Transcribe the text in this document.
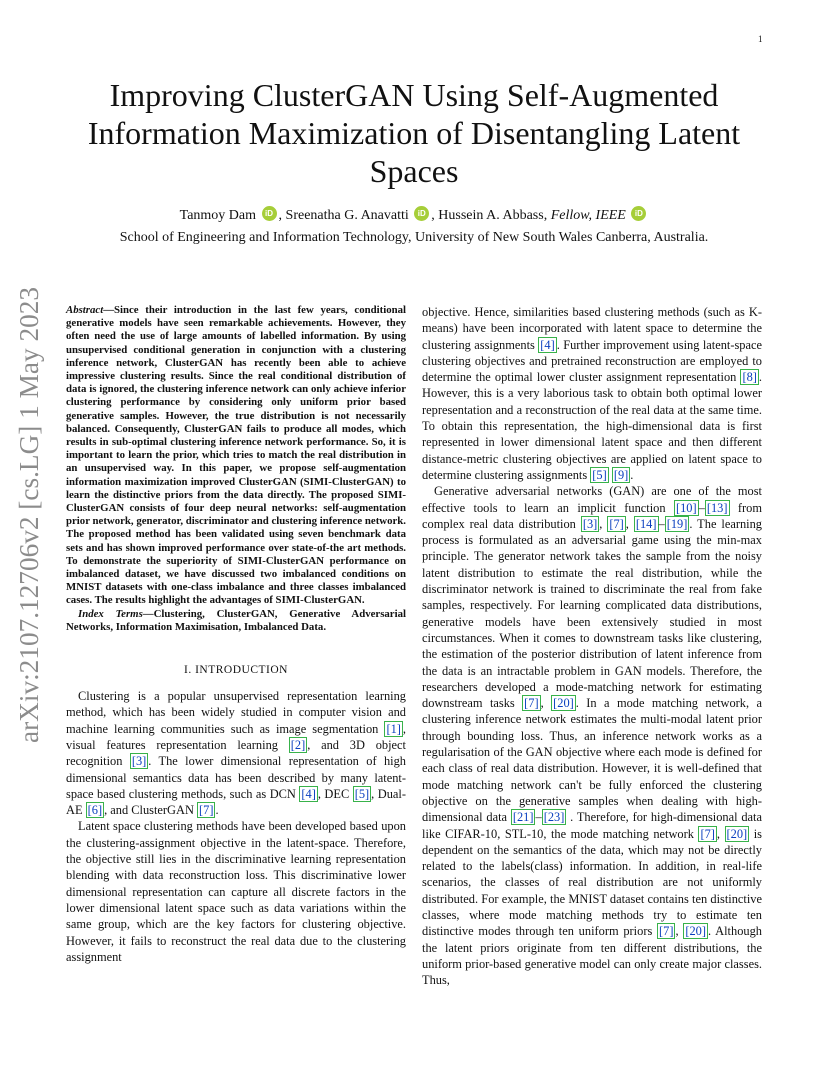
1
arXiv:2107.12706v2 [cs.LG] 1 May 2023
Improving ClusterGAN Using Self-Augmented Information Maximization of Disentangling Latent Spaces
Tanmoy Dam iD , Sreenatha G. Anavatti iD , Hussein A. Abbass, Fellow, IEEE iD
School of Engineering and Information Technology, University of New South Wales Canberra, Australia.

Abstract—Since their introduction in the last few years, conditional generative models have seen remarkable achievements. However, they often need the use of large amounts of labelled information. By using unsupervised conditional generation in conjunction with a clustering inference network, ClusterGAN has recently been able to achieve impressive clustering results. Since the real conditional distribution of data is ignored, the clustering inference network can only achieve inferior clustering performance by considering only uniform prior based generative samples. However, the true distribution is not necessarily balanced. Consequently, ClusterGAN fails to produce all modes, which results in sub-optimal clustering inference network performance. So, it is important to learn the prior, which tries to match the real distribution in an unsupervised way. In this paper, we propose self-augmentation information maximization improved ClusterGAN (SIMI-ClusterGAN) to learn the distinctive priors from the data directly. The proposed SIMI-ClusterGAN consists of four deep neural networks: self-augmentation prior network, generator, discriminator and clustering inference network. The proposed method has been validated using seven benchmark data sets and has shown improved performance over state-of-the art methods. To demonstrate the superiority of SIMI-ClusterGAN performance on imbalanced dataset, we have discussed two imbalanced conditions on MNIST datasets with one-class imbalance and three classes imbalanced cases. The results highlight the advantages of SIMI-ClusterGAN.

Index Terms—Clustering, ClusterGAN, Generative Adversarial Networks, Information Maximisation, Imbalanced Data.

I. INTRODUCTION

Clustering is a popular unsupervised representation learning method, which has been widely studied in computer vision and machine learning communities such as image segmentation [1] , visual features representation learning [2] , and 3D object recognition [3] . The lower dimensional representation of high dimensional semantics data has been described by many latent-space based clustering methods, such as DCN [4] , DEC [5] , Dual-AE [6] , and ClusterGAN [7] .

Latent space clustering methods have been developed based upon the clustering-assignment objective in the latent-space. Therefore, the objective still lies in the discriminative learning representation blending with data reconstruction loss. This discriminative lower dimensional representation can capture all discrete factors in the lower dimensional latent space such as data variations within the same group, which are the key factors for clustering objective. However, it fails to reconstruct the real data due to the clustering assignment

objective. Hence, similarities based clustering methods (such as K-means) have been incorporated with latent space to determine the clustering assignments [4] . Further improvement using latent-space clustering objectives and pretrained reconstruction are employed to determine the optimal lower cluster assignment representation [8] . However, this is a very laborious task to obtain both optimal lower representation and a reconstruction of the real data at the same time. To obtain this representation, the high-dimensional data is first represented in lower dimensional latent space and then different distance-metric clustering objectives are applied on latent space to determine clustering assignments [5] [9] .

Generative adversarial networks (GAN) are one of the most effective tools to learn an implicit function [10] – [13] from complex real data distribution [3] , [7] , [14] – [19] . The learning process is formulated as an adversarial game using the min-max principle. The generator network takes the sample from the noisy latent distribution to estimate the real distribution, while the discriminator network is trained to discriminate the real from fake samples, respectively. For learning complicated data distributions, generative models have been extensively studied in most circumstances. When it comes to downstream tasks like clustering, the estimation of the posterior distribution of latent inference from the data is an intractable problem in GAN models. Therefore, the researchers developed a mode-matching network for estimating downstream tasks [7] , [20] . In a mode matching network, a clustering inference network estimates the multi-modal latent prior through bounding loss. Thus, an inference network works as a regularisation of the GAN objective where each mode is defined for each class of real data distribution. However, it is well-defined that mode matching network can't be fully enforced the clustering objective on the generative samples when dealing with high-dimensional data [21] – [23] . Therefore, for high-dimensional data like CIFAR-10, STL-10, the mode matching network [7] , [20] is dependent on the semantics of the data, which may not be directly related to the labels(class) information. In addition, in real-life scenarios, the classes of real distribution are not uniformly distributed. For example, the MNIST dataset contains ten distinctive classes, where mode matching methods try to estimate ten distinctive modes through ten uniform priors [7] , [20] . Although the latent priors originate from ten different distributions, the uniform prior-based generative model can only create major classes. Thus,
